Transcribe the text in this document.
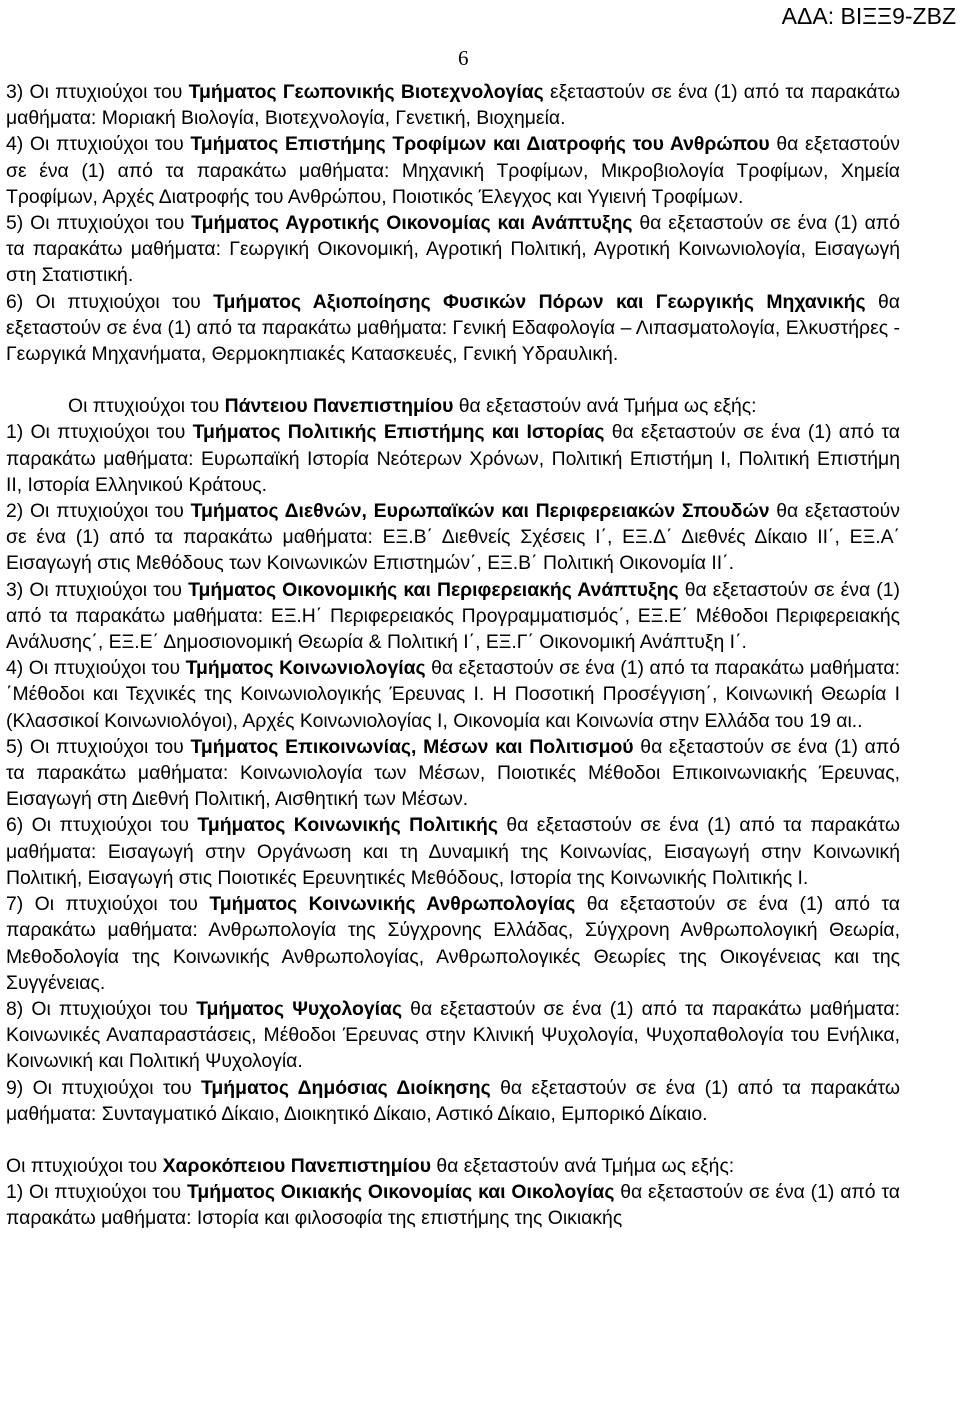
ΑΔΑ: ΒΙΞΞ9-ΖΒΖ
6

3) Οι πτυχιούχοι του Τμήματος Γεωπονικής Βιοτεχνολογίας εξεταστούν σε ένα (1) από τα παρακάτω μαθήματα: Μοριακή Βιολογία, Βιοτεχνολογία, Γενετική, Βιοχημεία.

4) Οι πτυχιούχοι του Τμήματος Επιστήμης Τροφίμων και Διατροφής του Ανθρώπου θα εξεταστούν σε ένα (1) από τα παρακάτω μαθήματα: Μηχανική Τροφίμων, Μικροβιολογία Τροφίμων, Χημεία Τροφίμων, Αρχές Διατροφής του Ανθρώπου, Ποιοτικός Έλεγχος και Υγιεινή Τροφίμων.

5) Οι πτυχιούχοι του Τμήματος Αγροτικής Οικονομίας και Ανάπτυξης θα εξεταστούν σε ένα (1) από τα παρακάτω μαθήματα: Γεωργική Οικονομική, Αγροτική Πολιτική, Αγροτική Κοινωνιολογία, Εισαγωγή στη Στατιστική.

6) Οι πτυχιούχοι του Τμήματος Αξιοποίησης Φυσικών Πόρων και Γεωργικής Μηχανικής θα εξεταστούν σε ένα (1) από τα παρακάτω μαθήματα: Γενική Εδαφολογία – Λιπασματολογία, Ελκυστήρες - Γεωργικά Μηχανήματα, Θερμοκηπιακές Κατασκευές, Γενική Υδραυλική.

Οι πτυχιούχοι του Πάντειου Πανεπιστημίου θα εξεταστούν ανά Τμήμα ως εξής:

1) Οι πτυχιούχοι του Τμήματος Πολιτικής Επιστήμης και Ιστορίας θα εξεταστούν σε ένα (1) από τα παρακάτω μαθήματα: Ευρωπαϊκή Ιστορία Νεότερων Χρόνων, Πολιτική Επιστήμη Ι, Πολιτική Επιστήμη ΙΙ, Ιστορία Ελληνικού Κράτους.

2) Οι πτυχιούχοι του Τμήματος Διεθνών, Ευρωπαϊκών και Περιφερειακών Σπουδών θα εξεταστούν σε ένα (1) από τα παρακάτω μαθήματα: ΕΞ.Β΄ Διεθνείς Σχέσεις Ι΄, ΕΞ.Δ΄ Διεθνές Δίκαιο ΙΙ΄, ΕΞ.Α΄ Εισαγωγή στις Μεθόδους των Κοινωνικών Επιστημών΄, ΕΞ.Β΄ Πολιτική Οικονομία ΙΙ΄.

3) Οι πτυχιούχοι του Τμήματος Οικονομικής και Περιφερειακής Ανάπτυξης θα εξεταστούν σε ένα (1) από τα παρακάτω μαθήματα: ΕΞ.Η΄ Περιφερειακός Προγραμματισμός΄, ΕΞ.Ε΄ Μέθοδοι Περιφερειακής Ανάλυσης΄, ΕΞ.Ε΄ Δημοσιονομική Θεωρία & Πολιτική Ι΄, ΕΞ.Γ΄ Οικονομική Ανάπτυξη Ι΄.

4) Οι πτυχιούχοι του Τμήματος Κοινωνιολογίας θα εξεταστούν σε ένα (1) από τα παρακάτω μαθήματα: ΄Μέθοδοι και Τεχνικές της Κοινωνιολογικής Έρευνας Ι. Η Ποσοτική Προσέγγιση΄, Κοινωνική Θεωρία Ι (Κλασσικοί Κοινωνιολόγοι), Αρχές Κοινωνιολογίας Ι, Οικονομία και Κοινωνία στην Ελλάδα του 19 αι..

5) Οι πτυχιούχοι του Τμήματος Επικοινωνίας, Μέσων και Πολιτισμού θα εξεταστούν σε ένα (1) από τα παρακάτω μαθήματα: Κοινωνιολογία των Μέσων, Ποιοτικές Μέθοδοι Επικοινωνιακής Έρευνας, Εισαγωγή στη Διεθνή Πολιτική, Αισθητική των Μέσων.

6) Οι πτυχιούχοι του Τμήματος Κοινωνικής Πολιτικής θα εξεταστούν σε ένα (1) από τα παρακάτω μαθήματα: Εισαγωγή στην Οργάνωση και τη Δυναμική της Κοινωνίας, Εισαγωγή στην Κοινωνική Πολιτική, Εισαγωγή στις Ποιοτικές Ερευνητικές Μεθόδους, Ιστορία της Κοινωνικής Πολιτικής Ι.

7) Οι πτυχιούχοι του Τμήματος Κοινωνικής Ανθρωπολογίας θα εξεταστούν σε ένα (1) από τα παρακάτω μαθήματα: Ανθρωπολογία της Σύγχρονης Ελλάδας, Σύγχρονη Ανθρωπολογική Θεωρία, Μεθοδολογία της Κοινωνικής Ανθρωπολογίας, Ανθρωπολογικές Θεωρίες της Οικογένειας και της Συγγένειας.

8) Οι πτυχιούχοι του Τμήματος Ψυχολογίας θα εξεταστούν σε ένα (1) από τα παρακάτω μαθήματα: Κοινωνικές Αναπαραστάσεις, Μέθοδοι Έρευνας στην Κλινική Ψυχολογία, Ψυχοπαθολογία του Ενήλικα, Κοινωνική και Πολιτική Ψυχολογία.

9) Οι πτυχιούχοι του Τμήματος Δημόσιας Διοίκησης θα εξεταστούν σε ένα (1) από τα παρακάτω μαθήματα: Συνταγματικό Δίκαιο, Διοικητικό Δίκαιο, Αστικό Δίκαιο, Εμπορικό Δίκαιο.

Οι πτυχιούχοι του Χαροκόπειου Πανεπιστημίου θα εξεταστούν ανά Τμήμα ως εξής:

1) Οι πτυχιούχοι του Τμήματος Οικιακής Οικονομίας και Οικολογίας θα εξεταστούν σε ένα (1) από τα παρακάτω μαθήματα: Ιστορία και φιλοσοφία της επιστήμης της Οικιακής
